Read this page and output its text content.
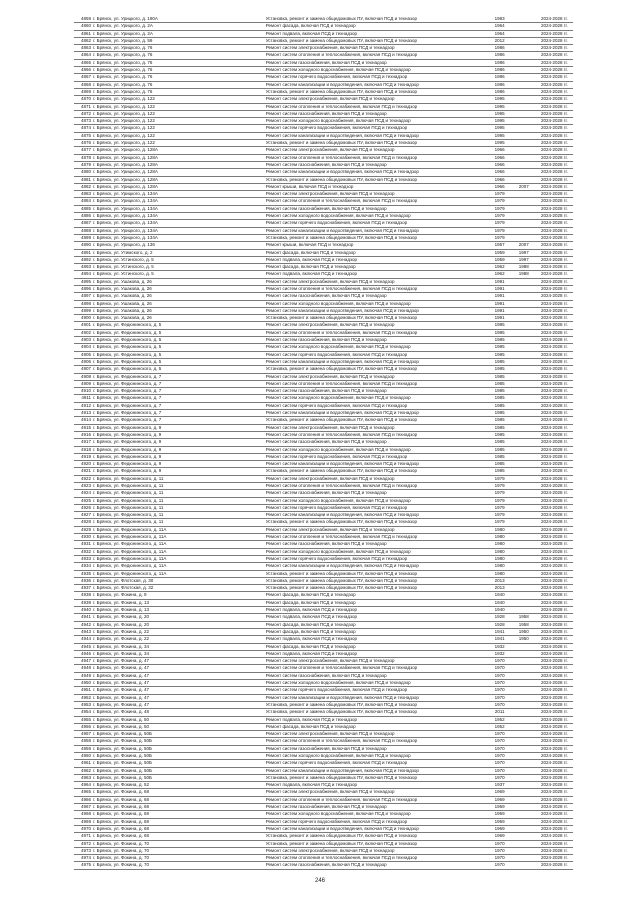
4859	г. Брянск, ул. Урицкого, д. 190А	Установка, ремонт и замена общедомовых ПУ, включая ПСД и техназор	1983		2024-2028 гг.
4860	г. Брянск, ул. Урицкого, д. 2А	Ремонт фасада, включая ПСД и технадзор	1964		2024-2028 гг.
4861	г. Брянск, ул. Урицкого, д. 2А	Ремонт подвала, включая ПСД и технадзор	1964		2024-2028 гг.
4862	г. Брянск, ул. Урицкого, д. 59	Установка, ремонт и замена общедомовых ПУ, включая ПСД и техназор	2012		2024-2028 гг.
4863	г. Брянск, ул. Урицкого, д. 76	Ремонт систем электроснабжения, включая ПСД и технадзор	1986		2024-2028 гг.
4864	г. Брянск, ул. Урицкого, д. 76	Ремонт систем отопления и теплоснабжения, включая ПСД и технадзор	1986		2024-2028 гг.
4865	г. Брянск, ул. Урицкого, д. 76	Ремонт систем газоснабжения, включая ПСД и технадзор	1986		2024-2028 гг.
4866	г. Брянск, ул. Урицкого, д. 76	Ремонт систем холодного водоснабжения, включая ПСД и технадзор	1986		2024-2028 гг.
4867	г. Брянск, ул. Урицкого, д. 76	Ремонт систем горячего водоснабжения, включая ПСД и технадзор	1986		2024-2028 гг.
4868	г. Брянск, ул. Урицкого, д. 76	Ремонт систем канализации и водоотведения, включая ПСД и технадзор	1986		2024-2028 гг.
4869	г. Брянск, ул. Урицкого, д. 76	Установка, ремонт и замена общедомовых ПУ, включая ПСД и техназор	1986		2024-2028 гг.
4870	г. Брянск, ул. Урицкого, д. 122	Ремонт систем электроснабжения, включая ПСД и технадзор	1995		2024-2028 гг.
4871	г. Брянск, ул. Урицкого, д. 122	Ремонт систем отопления и теплоснабжения, включая ПСД и технадзор	1995		2024-2028 гг.
4872	г. Брянск, ул. Урицкого, д. 122	Ремонт систем газоснабжения, включая ПСД и технадзор	1995		2024-2028 гг.
4873	г. Брянск, ул. Урицкого, д. 122	Ремонт систем холодного водоснабжения, включая ПСД и технадзор	1995		2024-2028 гг.
4874	г. Брянск, ул. Урицкого, д. 122	Ремонт систем горячего водоснабжения, включая ПСД и технадзор	1995		2024-2028 гг.
4875	г. Брянск, ул. Урицкого, д. 122	Ремонт систем канализации и водоотведения, включая ПСД и технадзор	1995		2024-2028 гг.
4876	г. Брянск, ул. Урицкого, д. 122	Установка, ремонт и замена общедомовых ПУ, включая ПСД и техназор	1995		2024-2028 гг.
4877	г. Брянск, ул. Урицкого, д. 128А	Ремонт систем электроснабжения, включая ПСД и технадзор	1966		2024-2028 гг.
4878	г. Брянск, ул. Урицкого, д. 128А	Ремонт систем отопления и теплоснабжения, включая ПСД и технадзор	1966		2024-2028 гг.
4879	г. Брянск, ул. Урицкого, д. 128А	Ремонт систем газоснабжения, включая ПСД и технадзор	1966		2024-2028 гг.
4880	г. Брянск, ул. Урицкого, д. 128А	Ремонт систем канализации и водоотведения, включая ПСД и технадзор	1966		2024-2028 гг.
4881	г. Брянск, ул. Урицкого, д. 128А	Установка, ремонт и замена общедомовых ПУ, включая ПСД и техназор	1966		2024-2028 гг.
4882	г. Брянск, ул. Урицкого, д. 128А	Ремонт крыши, включая ПСД и технадзор	1966	2007	2024-2028 гг.
4883	г. Брянск, ул. Урицкого, д. 134А	Ремонт систем электроснабжения, включая ПСД и технадзор	1979		2024-2028 гг.
4884	г. Брянск, ул. Урицкого, д. 134А	Ремонт систем отопления и теплоснабжения, включая ПСД и технадзор	1979		2024-2028 гг.
4885	г. Брянск, ул. Урицкого, д. 134А	Ремонт систем газоснабжения, включая ПСД и технадзор	1979		2024-2028 гг.
4886	г. Брянск, ул. Урицкого, д. 134А	Ремонт систем холодного водоснабжения, включая ПСД и технадзор	1979		2024-2028 гг.
4887	г. Брянск, ул. Урицкого, д. 134А	Ремонт систем горячего водоснабжения, включая ПСД и технадзор	1979		2024-2028 гг.
4888	г. Брянск, ул. Урицкого, д. 134А	Ремонт систем канализации и водоотведения, включая ПСД и технадзор	1979		2024-2028 гг.
4889	г. Брянск, ул. Урицкого, д. 134А	Установка, ремонт и замена общедомовых ПУ, включая ПСД и техназор	1979		2024-2028 гг.
4890	г. Брянск, ул. Урицкого, д. 136	Ремонт крыши, включая ПСД и технадзор	1957	2007	2024-2028 гг.
4891	г. Брянск, ул. Утимского, д. 2	Ремонт фасада, включая ПСД и технадзор	1959	1997	2024-2028 гг.
4892	г. Брянск, ул. Устинского, д. 5	Ремонт подвала, включая ПСД и технадзор	1959	1997	2024-2028 гг.
4893	г. Брянск, ул. Устинского, д. 5	Ремонт фасада, включая ПСД и технадзор	1962	1988	2024-2028 гг.
4894	г. Брянск, ул. Устинского, д. 5	Ремонт подвала, включая ПСД и технадзор	1962	1988	2024-2028 гг.
4895	г. Брянск, ул. Ушакова, д. 26	Ремонт систем электроснабжения, включая ПСД и технадзор	1991		2024-2028 гг.
4896	г. Брянск, ул. Ушакова, д. 26	Ремонт систем отопления и теплоснабжения, включая ПСД и технадзор	1991		2024-2028 гг.
4897	г. Брянск, ул. Ушакова, д. 26	Ремонт систем газоснабжения, включая ПСД и технадзор	1991		2024-2028 гг.
4898	г. Брянск, ул. Ушакова, д. 26	Ремонт систем холодного водоснабжения, включая ПСД и технадзор	1991		2024-2028 гг.
4899	г. Брянск, ул. Ушакова, д. 26	Ремонт систем канализации и водоотведения, включая ПСД и технадзор	1991		2024-2028 гг.
4900	г. Брянск, ул. Ушакова, д. 26	Установка, ремонт и замена общедомовых ПУ, включая ПСД и техназор	1991		2024-2028 гг.
4901	г. Брянск, ул. Федюнинского, д. 5	Ремонт систем электроснабжения, включая ПСД и технадзор	1985		2024-2028 гг.
4902	г. Брянск, ул. Федюнинского, д. 5	Ремонт систем отопления и теплоснабжения, включая ПСД и технадзор	1985		2024-2028 гг.
4903	г. Брянск, ул. Федюнинского, д. 5	Ремонт систем газоснабжения, включая ПСД и технадзор	1985		2024-2028 гг.
4904	г. Брянск, ул. Федюнинского, д. 5	Ремонт систем холодного водоснабжения, включая ПСД и технадзор	1985		2024-2028 гг.
4905	г. Брянск, ул. Федюнинского, д. 5	Ремонт систем горячего водоснабжения, включая ПСД и технадзор	1985		2024-2028 гг.
4906	г. Брянск, ул. Федюнинского, д. 5	Ремонт систем канализации и водоотведения, включая ПСД и технадзор	1985		2024-2028 гг.
4907	г. Брянск, ул. Федюнинского, д. 5	Установка, ремонт и замена общедомовых ПУ, включая ПСД и техназор	1985		2024-2028 гг.
4908	г. Брянск, ул. Федюнинского, д. 7	Ремонт систем электроснабжения, включая ПСД и технадзор	1985		2024-2028 гг.
4909	г. Брянск, ул. Федюнинского, д. 7	Ремонт систем отопления и теплоснабжения, включая ПСД и технадзор	1985		2024-2028 гг.
4910	г. Брянск, ул. Федюнинского, д. 7	Ремонт систем газоснабжения, включая ПСД и технадзор	1985		2024-2028 гг.
4911	г. Брянск, ул. Федюнинского, д. 7	Ремонт систем холодного водоснабжения, включая ПСД и технадзор	1985		2024-2028 гг.
4912	г. Брянск, ул. Федюнинского, д. 7	Ремонт систем горячего водоснабжения, включая ПСД и технадзор	1985		2024-2028 гг.
4913	г. Брянск, ул. Федюнинского, д. 7	Ремонт систем канализации и водоотведения, включая ПСД и технадзор	1985		2024-2028 гг.
4914	г. Брянск, ул. Федюнинского, д. 7	Установка, ремонт и замена общедомовых ПУ, включая ПСД и техназор	1985		2024-2028 гг.
4915	г. Брянск, ул. Федюнинского, д. 9	Ремонт систем электроснабжения, включая ПСД и технадзор	1985		2024-2028 гг.
4916	г. Брянск, ул. Федюнинского, д. 9	Ремонт систем отопления и теплоснабжения, включая ПСД и технадзор	1985		2024-2028 гг.
4917	г. Брянск, ул. Федюнинского, д. 9	Ремонт систем газоснабжения, включая ПСД и технадзор	1985		2024-2028 гг.
4918	г. Брянск, ул. Федюнинского, д. 9	Ремонт систем холодного водоснабжения, включая ПСД и технадзор	1985		2024-2028 гг.
4919	г. Брянск, ул. Федюнинского, д. 9	Ремонт систем горячего водоснабжения, включая ПСД и технадзор	1985		2024-2028 гг.
4920	г. Брянск, ул. Федюнинского, д. 9	Ремонт систем канализации и водоотведения, включая ПСД и технадзор	1985		2024-2028 гг.
4921	г. Брянск, ул. Федюнинского, д. 9	Установка, ремонт и замена общедомовых ПУ, включая ПСД и техназор	1985		2024-2028 гг.
4922	г. Брянск, ул. Федюнинского, д. 11	Ремонт систем электроснабжения, включая ПСД и технадзор	1979		2024-2028 гг.
4923	г. Брянск, ул. Федюнинского, д. 11	Ремонт систем отопления и теплоснабжения, включая ПСД и технадзор	1979		2024-2028 гг.
4924	г. Брянск, ул. Федюнинского, д. 11	Ремонт систем газоснабжения, включая ПСД и технадзор	1979		2024-2028 гг.
4925	г. Брянск, ул. Федюнинского, д. 11	Ремонт систем холодного водоснабжения, включая ПСД и технадзор	1979		2024-2028 гг.
4926	г. Брянск, ул. Федюнинского, д. 11	Ремонт систем горячего водоснабжения, включая ПСД и технадзор	1979		2024-2028 гг.
4927	г. Брянск, ул. Федюнинского, д. 11	Ремонт систем канализации и водоотведения, включая ПСД и технадзор	1979		2024-2028 гг.
4928	г. Брянск, ул. Федюнинского, д. 11	Установка, ремонт и замена общедомовых ПУ, включая ПСД и техназор	1979		2024-2028 гг.
4929	г. Брянск, ул. Федюнинского, д. 11А	Ремонт систем электроснабжения, включая ПСД и технадзор	1980		2024-2028 гг.
4930	г. Брянск, ул. Федюнинского, д. 11А	Ремонт систем отопления и теплоснабжения, включая ПСД и технадзор	1980		2024-2028 гг.
4931	г. Брянск, ул. Федюнинского, д. 11А	Ремонт систем газоснабжения, включая ПСД и технадзор	1980		2024-2028 гг.
4932	г. Брянск, ул. Федюнинского, д. 11А	Ремонт систем холодного водоснабжения, включая ПСД и технадзор	1980		2024-2028 гг.
4933	г. Брянск, ул. Федюнинского, д. 11А	Ремонт систем горячего водоснабжения, включая ПСД и технадзор	1980		2024-2028 гг.
4934	г. Брянск, ул. Федюнинского, д. 11А	Ремонт систем канализации и водоотведения, включая ПСД и технадзор	1980		2024-2028 гг.
4935	г. Брянск, ул. Федюнинского, д. 11А	Установка, ремонт и замена общедомовых ПУ, включая ПСД и техназор	1980		2024-2028 гг.
4936	г. Брянск, ул. Флотская, д. 30	Установка, ремонт и замена общедомовых ПУ, включая ПСД и техназор	2013		2024-2028 гг.
4937	г. Брянск, ул. Флотская, д. 32	Установка, ремонт и замена общедомовых ПУ, включая ПСД и техназор	2013		2024-2028 гг.
4938	г. Брянск, ул. Фокина, д. 9	Ремонт фасада, включая ПСД и технадзор	1940		2024-2028 гг.
4939	г. Брянск, ул. Фокина, д. 13	Ремонт фасада, включая ПСД и технадзор	1940		2024-2028 гг.
4940	г. Брянск, ул. Фокина, д. 13	Ремонт подвала, включая ПСД и технадзор	1940		2024-2028 гг.
4941	г. Брянск, ул. Фокина, д. 20	Ремонт подвала, включая ПСД и технадзор	1928	1958	2024-2028 гг.
4942	г. Брянск, ул. Фокина, д. 20	Ремонт фасада, включая ПСД и технадзор	1928	1958	2024-2028 гг.
4943	г. Брянск, ул. Фокина, д. 22	Ремонт фасада, включая ПСД и технадзор	1941	1950	2024-2028 гг.
4944	г. Брянск, ул. Фокина, д. 22	Ремонт подвала, включая ПСД и технадзор	1941	1950	2024-2028 гг.
4945	г. Брянск, ул. Фокина, д. 34	Ремонт фасада, включая ПСД и технадзор	1932		2024-2028 гг.
4946	г. Брянск, ул. Фокина, д. 34	Ремонт подвала, включая ПСД и технадзор	1932		2024-2028 гг.
4947	г. Брянск, ул. Фокина, д. 47	Ремонт систем электроснабжения, включая ПСД и технадзор	1970		2024-2028 гг.
4948	г. Брянск, ул. Фокина, д. 47	Ремонт систем отопления и теплоснабжения, включая ПСД и технадзор	1970		2024-2028 гг.
4949	г. Брянск, ул. Фокина, д. 47	Ремонт систем газоснабжения, включая ПСД и технадзор	1970		2024-2028 гг.
4950	г. Брянск, ул. Фокина, д. 47	Ремонт систем холодного водоснабжения, включая ПСД и технадзор	1970		2024-2028 гг.
4951	г. Брянск, ул. Фокина, д. 47	Ремонт систем горячего водоснабжения, включая ПСД и технадзор	1970		2024-2028 гг.
4952	г. Брянск, ул. Фокина, д. 47	Ремонт систем канализации и водоотведения, включая ПСД и технадзор	1970		2024-2028 гг.
4953	г. Брянск, ул. Фокина, д. 47	Установка, ремонт и замена общедомовых ПУ, включая ПСД и техназор	1970		2024-2028 гг.
4954	г. Брянск, ул. Фокина, д. 48	Установка, ремонт и замена общедомовых ПУ, включая ПСД и техназор	2011		2024-2028 гг.
4955	г. Брянск, ул. Фокина, д. 50	Ремонт подвала, включая ПСД и технадзор	1952		2024-2028 гг.
4956	г. Брянск, ул. Фокина, д. 50	Ремонт фасада, включая ПСД и технадзор	1952		2024-2028 гг.
4957	г. Брянск, ул. Фокина, д. 50Б	Ремонт систем электроснабжения, включая ПСД и технадзор	1970		2024-2028 гг.
4958	г. Брянск, ул. Фокина, д. 50Б	Ремонт систем отопления и теплоснабжения, включая ПСД и технадзор	1970		2024-2028 гг.
4959	г. Брянск, ул. Фокина, д. 50Б	Ремонт систем газоснабжения, включая ПСД и технадзор	1970		2024-2028 гг.
4960	г. Брянск, ул. Фокина, д. 50Б	Ремонт систем холодного водоснабжения, включая ПСД и технадзор	1970		2024-2028 гг.
4961	г. Брянск, ул. Фокина, д. 50Б	Ремонт систем горячего водоснабжения, включая ПСД и технадзор	1970		2024-2028 гг.
4962	г. Брянск, ул. Фокина, д. 50Б	Ремонт систем канализации и водоотведения, включая ПСД и технадзор	1970		2024-2028 гг.
4963	г. Брянск, ул. Фокина, д. 50Б	Установка, ремонт и замена общедомовых ПУ, включая ПСД и техназор	1970		2024-2028 гг.
4964	г. Брянск, ул. Фокина, д. 52	Ремонт подвала, включая ПСД и технадзор	1937		2024-2028 гг.
4965	г. Брянск, ул. Фокина, д. 68	Ремонт систем электроснабжения, включая ПСД и технадзор	1969		2024-2028 гг.
4966	г. Брянск, ул. Фокина, д. 68	Ремонт систем отопления и теплоснабжения, включая ПСД и технадзор	1969		2024-2028 гг.
4967	г. Брянск, ул. Фокина, д. 68	Ремонт систем газоснабжения, включая ПСД и технадзор	1969		2024-2028 гг.
4968	г. Брянск, ул. Фокина, д. 68	Ремонт систем холодного водоснабжения, включая ПСД и технадзор	1969		2024-2028 гг.
4969	г. Брянск, ул. Фокина, д. 68	Ремонт систем горячего водоснабжения, включая ПСД и технадзор	1969		2024-2028 гг.
4970	г. Брянск, ул. Фокина, д. 68	Ремонт систем канализации и водоотведения, включая ПСД и технадзор	1969		2024-2028 гг.
4971	г. Брянск, ул. Фокина, д. 68	Установка, ремонт и замена общедомовых ПУ, включая ПСД и техназор	1969		2024-2028 гг.
4972	г. Брянск, ул. Фокина, д. 70	Установка, ремонт и замена общедомовых ПУ, включая ПСД и техназор	1970		2024-2028 гг.
4973	г. Брянск, ул. Фокина, д. 70	Ремонт систем электроснабжения, включая ПСД и технадзор	1970		2024-2028 гг.
4974	г. Брянск, ул. Фокина, д. 70	Ремонт систем отопления и теплоснабжения, включая ПСД и технадзор	1970		2024-2028 гг.
4975	г. Брянск, ул. Фокина, д. 70	Ремонт систем газоснабжения, включая ПСД и технадзор	1970		2024-2028 гг.
246
